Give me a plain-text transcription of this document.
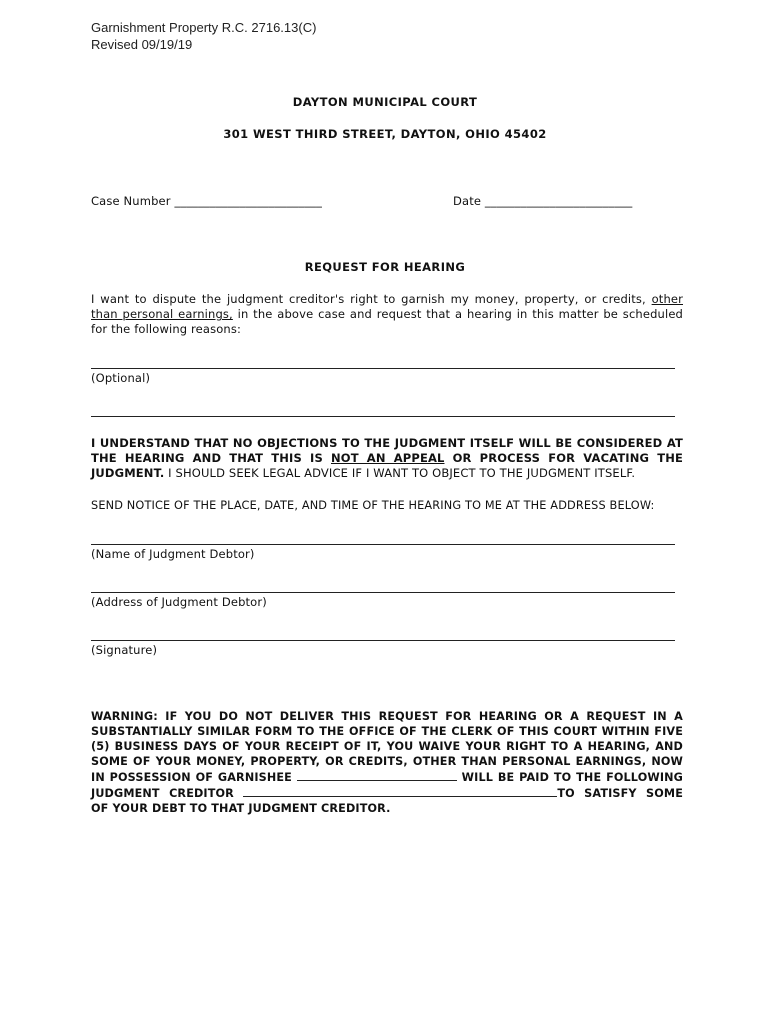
Garnishment Property R.C. 2716.13(C)
Revised 09/19/19
DAYTON MUNICIPAL COURT
301 WEST THIRD STREET, DAYTON, OHIO 45402
Case Number _________________________	Date _________________________
REQUEST FOR HEARING
I want to dispute the judgment creditor's right to garnish my money, property, or credits, other than personal earnings, in the above case and request that a hearing in this matter be scheduled for the following reasons:
(Optional)
I UNDERSTAND THAT NO OBJECTIONS TO THE JUDGMENT ITSELF WILL BE CONSIDERED AT THE HEARING AND THAT THIS IS NOT AN APPEAL OR PROCESS FOR VACATING THE JUDGMENT. I SHOULD SEEK LEGAL ADVICE IF I WANT TO OBJECT TO THE JUDGMENT ITSELF.
SEND NOTICE OF THE PLACE, DATE, AND TIME OF THE HEARING TO ME AT THE ADDRESS BELOW:
(Name of Judgment Debtor)
(Address of Judgment Debtor)
(Signature)
WARNING: IF YOU DO NOT DELIVER THIS REQUEST FOR HEARING OR A REQUEST IN A SUBSTANTIALLY SIMILAR FORM TO THE OFFICE OF THE CLERK OF THIS COURT WITHIN FIVE (5) BUSINESS DAYS OF YOUR RECEIPT OF IT, YOU WAIVE YOUR RIGHT TO A HEARING, AND SOME OF YOUR MONEY, PROPERTY, OR CREDITS, OTHER THAN PERSONAL EARNINGS, NOW IN POSSESSION OF GARNISHEE	WILL BE PAID TO THE FOLLOWING JUDGMENT CREDITOR	TO SATISFY SOME OF YOUR DEBT TO THAT JUDGMENT CREDITOR.
